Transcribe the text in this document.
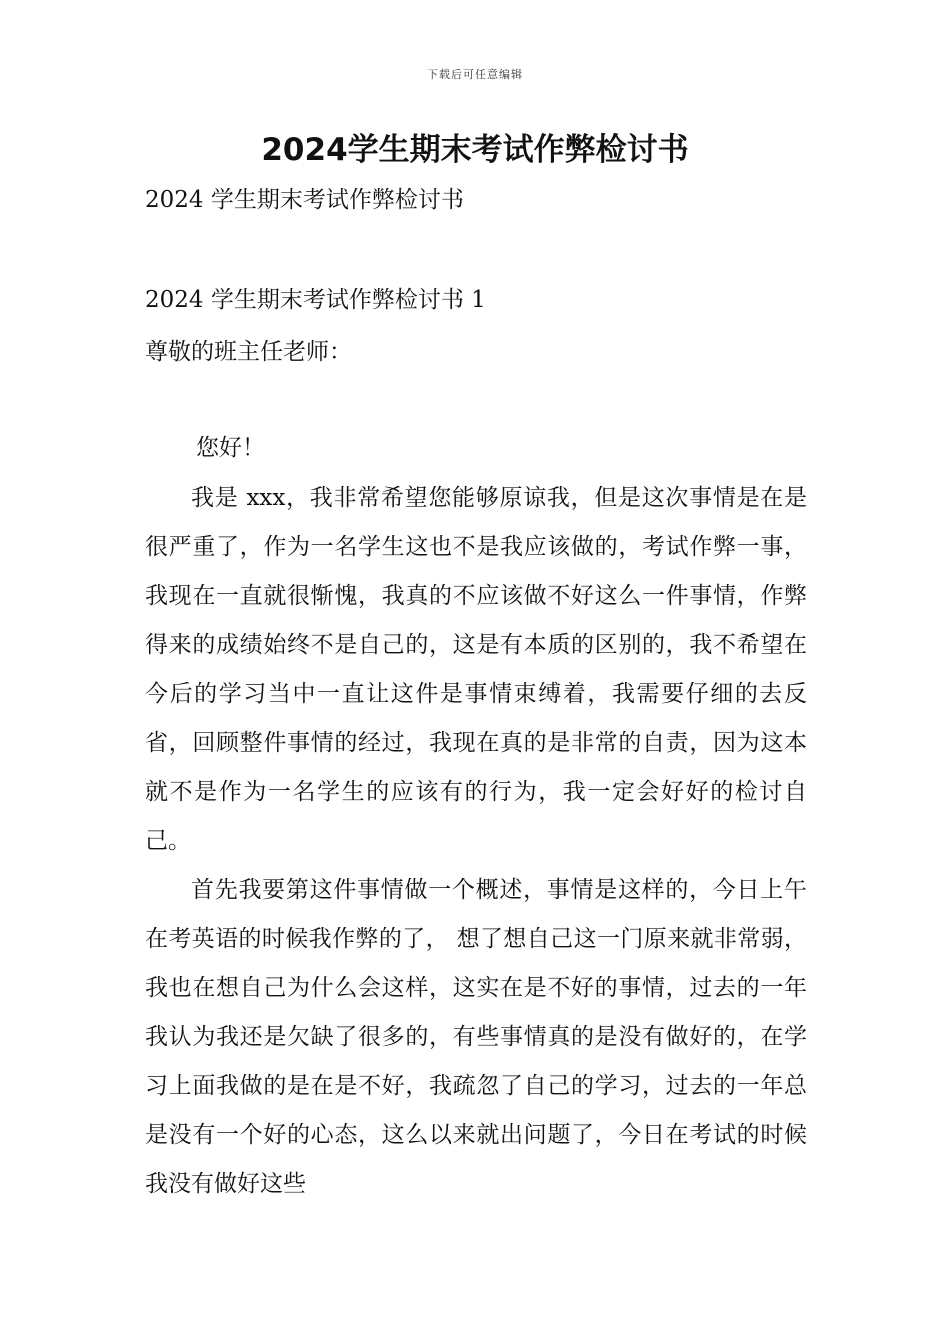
下载后可任意编辑
2024学生期末考试作弊检讨书
2024 学生期末考试作弊检讨书
2024 学生期末考试作弊检讨书 1
尊敬的班主任老师：
您好！

我是 xxx，我非常希望您能够原谅我，但是这次事情是在是很严重了，作为一名学生这也不是我应该做的，考试作弊一事，我现在一直就很惭愧，我真的不应该做不好这么一件事情，作弊得来的成绩始终不是自己的，这是有本质的区别的，我不希望在今后的学习当中一直让这件是事情束缚着，我需要仔细的去反省，回顾整件事情的经过，我现在真的是非常的自责，因为这本就不是作为一名学生的应该有的行为，我一定会好好的检讨自己。

首先我要第这件事情做一个概述，事情是这样的，今日上午在考英语的时候我作弊的了， 想了想自己这一门原来就非常弱，我也在想自己为什么会这样，这实在是不好的事情，过去的一年我认为我还是欠缺了很多的，有些事情真的是没有做好的，在学习上面我做的是在是不好，我疏忽了自己的学习，过去的一年总是没有一个好的心态，这么以来就出问题了，今日在考试的时候我没有做好这些
